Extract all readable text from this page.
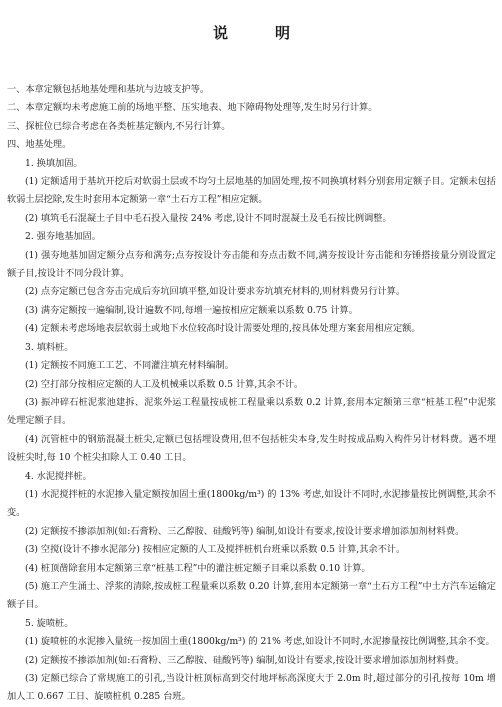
说　明

一、本章定额包括地基处理和基坑与边坡支护等。

二、本章定额均未考虑施工前的场地平整、压实地表、地下障碍物处理等,发生时另行计算。

三、探桩位已综合考虑在各类桩基定额内,不另行计算。

四、地基处理。

1. 换填加固。

(1) 定额适用于基坑开挖后对软弱土层或不均匀土层地基的加固处理,按不同换填材料分别套用定额子目。定额未包括软弱土层挖除,发生时套用本定额第一章“土石方工程”相应定额。

(2) 填筑毛石混凝土子目中毛石投入量按 24% 考虑,设计不同时混凝土及毛石按比例调整。

2. 强夯地基加固。

(1) 强夯地基加固定额分点夯和满夯;点夯按设计夯击能和夯点击数不同,满夯按设计夯击能和夯锤搭接量分别设置定额子目,按设计不同分段计算。

(2) 点夯定额已包含夯击完成后夯坑回填平整,如设计要求夯坑填充材料的,则材料费另行计算。

(3) 满夯定额按一遍编制,设计遍数不同,每增一遍按相应定额乘以系数 0.75 计算。

(4) 定额未考虑场地表层软弱土或地下水位较高时设计需要处理的,按具体处理方案套用相应定额。

3. 填料桩。

(1) 定额按不同施工工艺、不同灌注填充材料编制。

(2) 空打部分按相应定额的人工及机械乘以系数 0.5 计算,其余不计。

(3) 振冲碎石桩泥浆池建拆、泥浆外运工程量按成桩工程量乘以系数 0.2 计算,套用本定额第三章“桩基工程”中泥浆处理定额子目。

(4) 沉管桩中的钢筋混凝土桩尖,定额已包括埋设费用,但不包括桩尖本身,发生时按成品购入构件另计材料费。遇不埋设桩尖时,每 10 个桩尖扣除人工 0.40 工日。

4. 水泥搅拌桩。

(1) 水泥搅拌桩的水泥掺入量定额按加固土重(1800kg/m³) 的 13% 考虑,如设计不同时,水泥掺量按比例调整,其余不变。

(2) 定额按不掺添加剂(如:石膏粉、三乙醇胺、硅酸钙等) 编制,如设计有要求,按设计要求增加添加剂材料费。

(3) 空搅(设计不掺水泥部分) 按相应定额的人工及搅拌桩机台班乘以系数 0.5 计算,其余不计。

(4) 桩顶凿除套用本定额第三章“桩基工程”中的灌注桩定额子目乘以系数 0.10 计算。

(5) 施工产生涌土、浮浆的清除,按成桩工程量乘以系数 0.20 计算,套用本定额第一章“土石方工程”中土方汽车运输定额子目。

5. 旋喷桩。

(1) 旋喷桩的水泥掺入量统一按加固土重(1800kg/m³) 的 21% 考虑,如设计不同时,水泥掺量按比例调整,其余不变。

(2) 定额按不掺添加剂(如:石膏粉、三乙醇胺、硅酸钙等) 编制,如设计有要求,按设计要求增加添加剂材料费。

(3) 定额已综合了常规施工的引孔,当设计桩顶标高到交付地坪标高深度大于 2.0m 时,超过部分的引孔按每 10m 增加人工 0.667 工日、旋喷桩机 0.285 台班。
